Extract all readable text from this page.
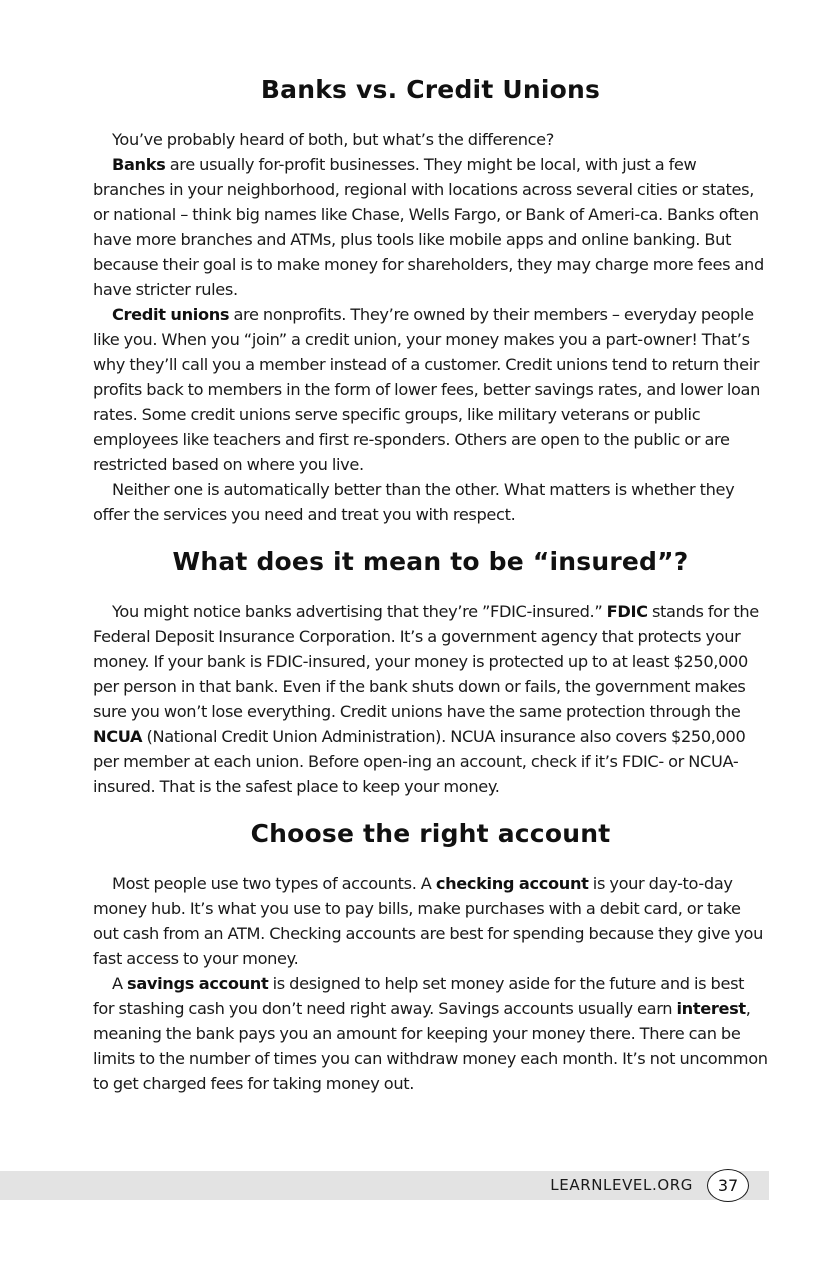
Banks vs. Credit Unions

You’ve probably heard of both, but what’s the difference?

Banks are usually for-profit businesses. They might be local, with just a few branches in your neighborhood, regional with locations across several cities or states, or national – think big names like Chase, Wells Fargo, or Bank of Ameri-ca. Banks often have more branches and ATMs, plus tools like mobile apps and online banking. But because their goal is to make money for shareholders, they may charge more fees and have stricter rules.

Credit unions are nonprofits. They’re owned by their members – everyday people like you. When you “join” a credit union, your money makes you a part-owner! That’s why they’ll call you a member instead of a customer. Credit unions tend to return their profits back to members in the form of lower fees, better savings rates, and lower loan rates. Some credit unions serve specific groups, like military veterans or public employees like teachers and first re-sponders. Others are open to the public or are restricted based on where you live.

Neither one is automatically better than the other. What matters is whether they offer the services you need and treat you with respect.

What does it mean to be “insured”?

You might notice banks advertising that they’re ”FDIC-insured.” FDIC stands for the Federal Deposit Insurance Corporation. It’s a government agency that protects your money. If your bank is FDIC-insured, your money is protected up to at least $250,000 per person in that bank. Even if the bank shuts down or fails, the government makes sure you won’t lose everything. Credit unions have the same protection through the NCUA (National Credit Union Administration). NCUA insurance also covers $250,000 per member at each union. Before open-ing an account, check if it’s FDIC- or NCUA-insured. That is the safest place to keep your money.

Choose the right account

Most people use two types of accounts. A checking account is your day-to-day money hub. It’s what you use to pay bills, make purchases with a debit card, or take out cash from an ATM. Checking accounts are best for spending because they give you fast access to your money.

A savings account is designed to help set money aside for the future and is best for stashing cash you don’t need right away. Savings accounts usually earn interest, meaning the bank pays you an amount for keeping your money there. There can be limits to the number of times you can withdraw money each month. It’s not uncommon to get charged fees for taking money out.

LEARNLEVEL.ORG	37
